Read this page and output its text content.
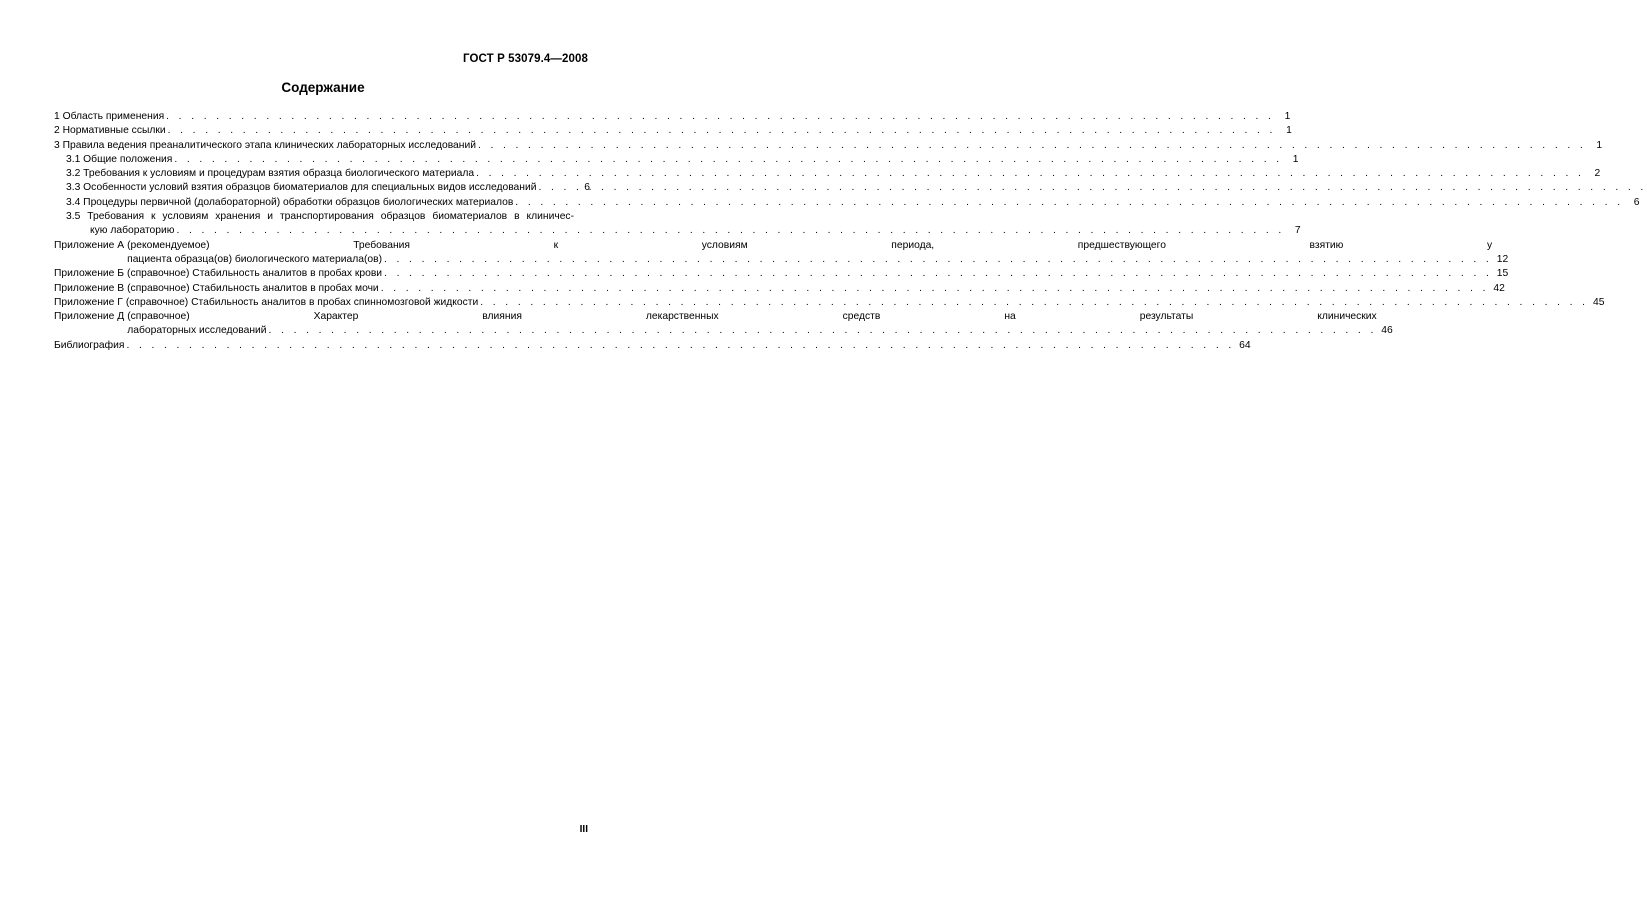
ГОСТ Р 53079.4—2008
Содержание
1 Область применения . . .	1
2 Нормативные ссылки . . .	1
3 Правила ведения преаналитического этапа клинических лабораторных исследований . . .	1
3.1 Общие положения . . .	1
3.2 Требования к условиям и процедурам взятия образца биологического материала . . .	2
3.3 Особенности условий взятия образцов биоматериалов для специальных видов исследований . . .	6
3.4 Процедуры первичной (долабораторной) обработки образцов биологических материалов . . .	6
3.5 Требования к условиям хранения и транспортирования образцов биоматериалов в клиничес-
кую лабораторию . . .	7
Приложение А (рекомендуемое) Требования к условиям периода, предшествующего взятию у
пациента образца(ов) биологического материала(ов) . . .	12
Приложение Б (справочное) Стабильность аналитов в пробах крови . . .	15
Приложение В (справочное) Стабильность аналитов в пробах мочи . . .	42
Приложение Г (справочное) Стабильность аналитов в пробах спинномозговой жидкости . . .	45
Приложение Д (справочное) Характер влияния лекарственных средств на результаты клинических
лабораторных исследований . . .	46
Библиография . . .	64
III
